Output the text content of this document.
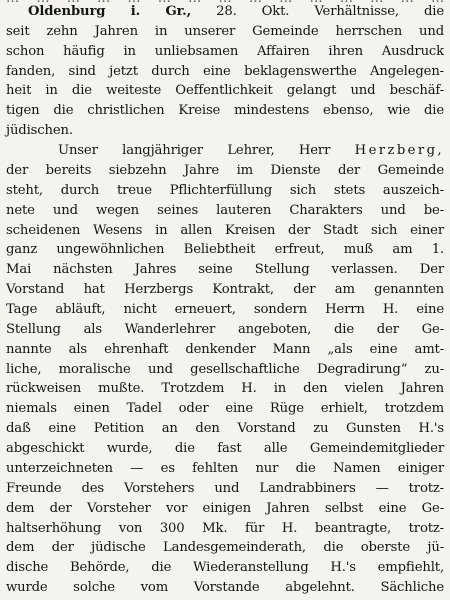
Oldenburg i. Gr., 28. Okt. Verhältnisse, die
seit zehn Jahren in unserer Gemeinde herrschen und
schon häufig in unliebsamen Affairen ihren Ausdruck
fanden, sind jetzt durch eine beklagenswerthe Angelegen-
heit in die weiteste Oeffentlichkeit gelangt und beschäf-
tigen die christlichen Kreise mindestens ebenso, wie die
jüdischen.
Unser langjähriger Lehrer, Herr Herzberg,
der bereits siebzehn Jahre im Dienste der Gemeinde
steht, durch treue Pflichterfüllung sich stets auszeich-
nete und wegen seines lauteren Charakters und be-
scheidenen Wesens in allen Kreisen der Stadt sich einer
ganz ungewöhnlichen Beliebtheit erfreut, muß am 1.
Mai nächsten Jahres seine Stellung verlassen. Der
Vorstand hat Herzbergs Kontrakt, der am genannten
Tage abläuft, nicht erneuert, sondern Herrn H. eine
Stellung als Wanderlehrer angeboten, die der Ge-
nannte als ehrenhaft denkender Mann „als eine amt-
liche, moralische und gesellschaftliche Degradirung“ zu-
rückweisen mußte. Trotzdem H. in den vielen Jahren
niemals einen Tadel oder eine Rüge erhielt, trotzdem
daß eine Petition an den Vorstand zu Gunsten H.'s
abgeschickt wurde, die fast alle Gemeindemitglieder
unterzeichneten — es fehlten nur die Namen einiger
Freunde des Vorstehers und Landrabbiners — trotz-
dem der Vorsteher vor einigen Jahren selbst eine Ge-
haltserhöhung von 300 Mk. für H. beantragte, trotz-
dem der jüdische Landesgemeinderath, die oberste jü-
dische Behörde, die Wiederanstellung H.'s empfiehlt,
wurde solche vom Vorstande abgelehnt. Sächliche
